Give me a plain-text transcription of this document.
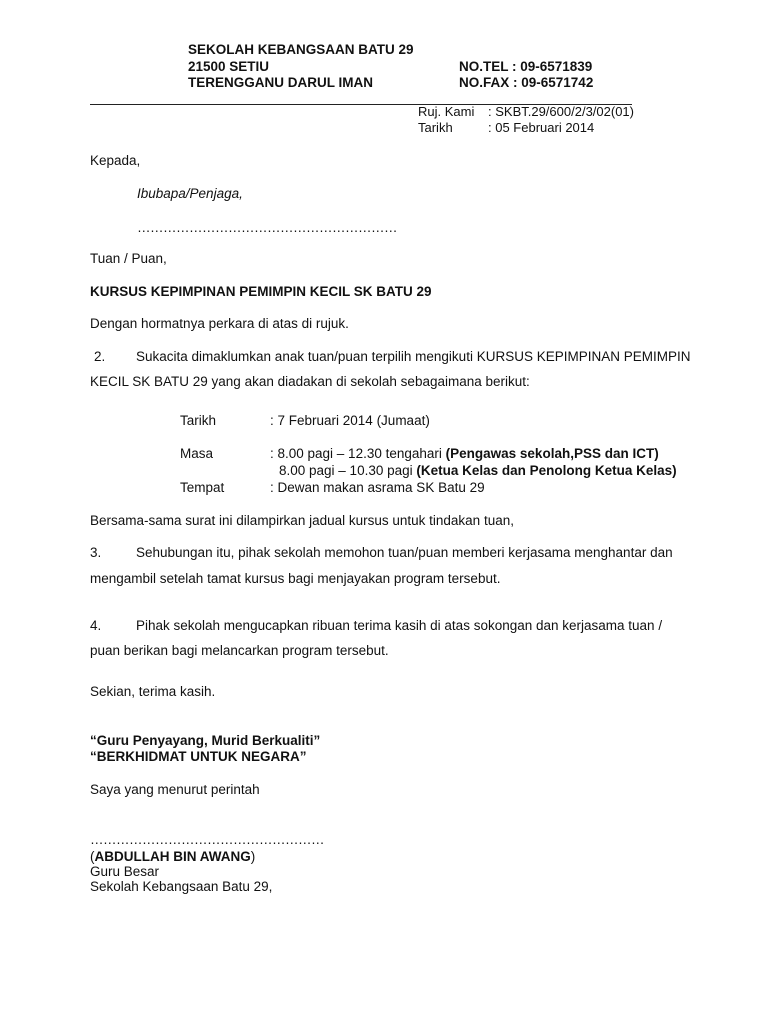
SEKOLAH KEBANGSAAN BATU 29
21500 SETIU
TERENGGANU DARUL IMAN
NO.TEL : 09-6571839
NO.FAX : 09-6571742
Ruj. Kami : SKBT.29/600/2/3/02(01)
Tarikh	: 05 Februari 2014
Kepada,
Ibubapa/Penjaga,
……………………………………………………
Tuan / Puan,
KURSUS KEPIMPINAN PEMIMPIN KECIL SK BATU 29
Dengan hormatnya perkara di atas di rujuk.
2. Sukacita dimaklumkan anak tuan/puan terpilih mengikuti KURSUS KEPIMPINAN PEMIMPIN
KECIL SK BATU 29 yang akan diadakan di sekolah sebagaimana berikut:
Tarikh	: 7 Februari 2014 (Jumaat)
Masa	: 8.00 pagi – 12.30 tengahari (Pengawas sekolah,PSS dan ICT)
8.00 pagi – 10.30 pagi (Ketua Kelas dan Penolong Ketua Kelas)
Tempat	: Dewan makan asrama SK Batu 29
Bersama-sama surat ini dilampirkan jadual kursus untuk tindakan tuan,
3.	Sehubungan itu, pihak sekolah memohon tuan/puan memberi kerjasama menghantar dan
mengambil setelah tamat kursus bagi menjayakan program tersebut.
4.	Pihak sekolah mengucapkan ribuan terima kasih di atas sokongan dan kerjasama tuan /
puan berikan bagi melancarkan program tersebut.
Sekian, terima kasih.
“Guru Penyayang, Murid Berkualiti”
“BERKHIDMAT UNTUK NEGARA”
Saya yang menurut perintah
………………………………………………
(ABDULLAH BIN AWANG)
Guru Besar
Sekolah Kebangsaan Batu 29,
